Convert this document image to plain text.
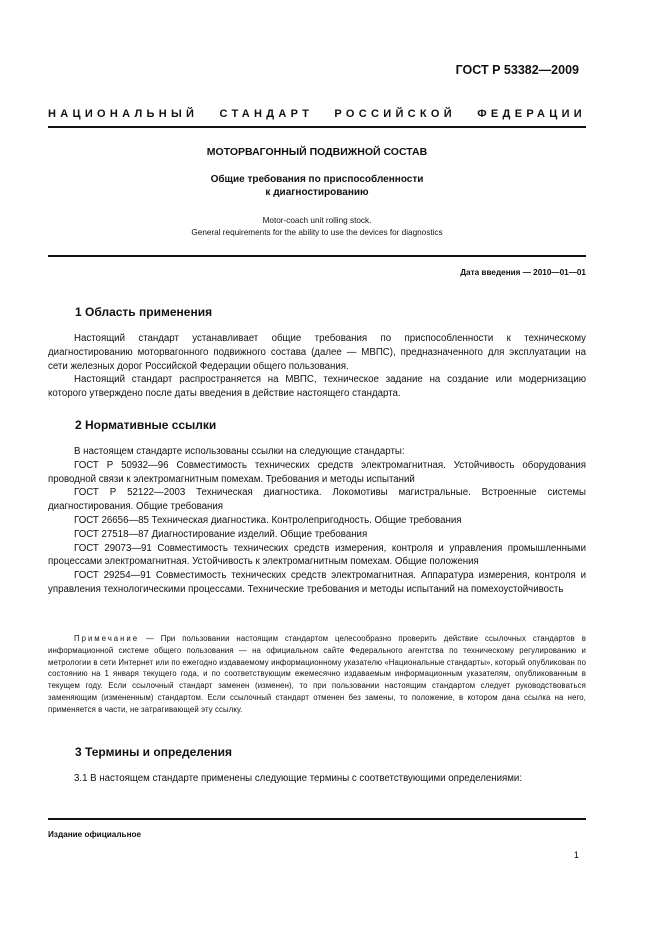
ГОСТ Р 53382—2009
НАЦИОНАЛЬНЫЙ СТАНДАРТ РОССИЙСКОЙ ФЕДЕРАЦИИ
МОТОРВАГОННЫЙ ПОДВИЖНОЙ СОСТАВ
Общие требования по приспособленности
к диагностированию
Motor-coach unit rolling stock.
General requirements for the ability to use the devices for diagnostics
Дата введения — 2010—01—01
1 Область применения
Настоящий стандарт устанавливает общие требования по приспособленности к техническому диагностированию моторвагонного подвижного состава (далее — МВПС), предназначенного для эксплуатации на сети железных дорог Российской Федерации общего пользования.
Настоящий стандарт распространяется на МВПС, техническое задание на создание или модернизацию которого утверждено после даты введения в действие настоящего стандарта.
2 Нормативные ссылки
В настоящем стандарте использованы ссылки на следующие стандарты:
ГОСТ Р 50932—96 Совместимость технических средств электромагнитная. Устойчивость оборудования проводной связи к электромагнитным помехам. Требования и методы испытаний
ГОСТ Р 52122—2003 Техническая диагностика. Локомотивы магистральные. Встроенные системы диагностирования. Общие требования
ГОСТ 26656—85 Техническая диагностика. Контролепригодность. Общие требования
ГОСТ 27518—87 Диагностирование изделий. Общие требования
ГОСТ 29073—91 Совместимость технических средств измерения, контроля и управления промышленными процессами электромагнитная. Устойчивость к электромагнитным помехам. Общие положения
ГОСТ 29254—91 Совместимость технических средств электромагнитная. Аппаратура измерения, контроля и управления технологическими процессами. Технические требования и методы испытаний на помехоустойчивость
Примечание — При пользовании настоящим стандартом целесообразно проверить действие ссылочных стандартов в информационной системе общего пользования — на официальном сайте Федерального агентства по техническому регулированию и метрологии в сети Интернет или по ежегодно издаваемому информационному указателю «Национальные стандарты», который опубликован по состоянию на 1 января текущего года, и по соответствующим ежемесячно издаваемым информационным указателям, опубликованным в текущем году. Если ссылочный стандарт заменен (изменен), то при пользовании настоящим стандартом следует руководствоваться заменяющим (измененным) стандартом. Если ссылочный стандарт отменен без замены, то положение, в котором дана ссылка на него, применяется в части, не затрагивающей эту ссылку.
3 Термины и определения
3.1 В настоящем стандарте применены следующие термины с соответствующими определениями:
Издание официальное
1
